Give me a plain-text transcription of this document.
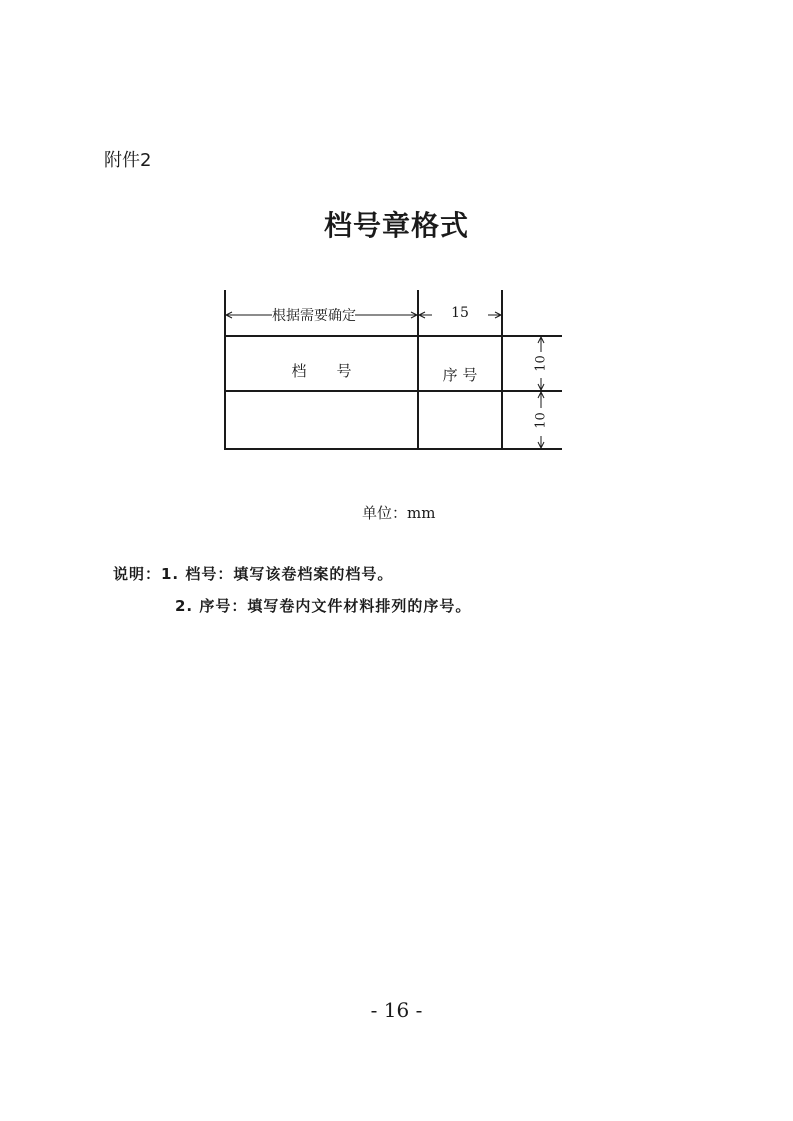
附件2
档号章格式
根据需要确定	15
档　　号	序 号
10
10
单位：mm
说明：1. 档号：填写该卷档案的档号。
2. 序号：填写卷内文件材料排列的序号。
- 16 -
